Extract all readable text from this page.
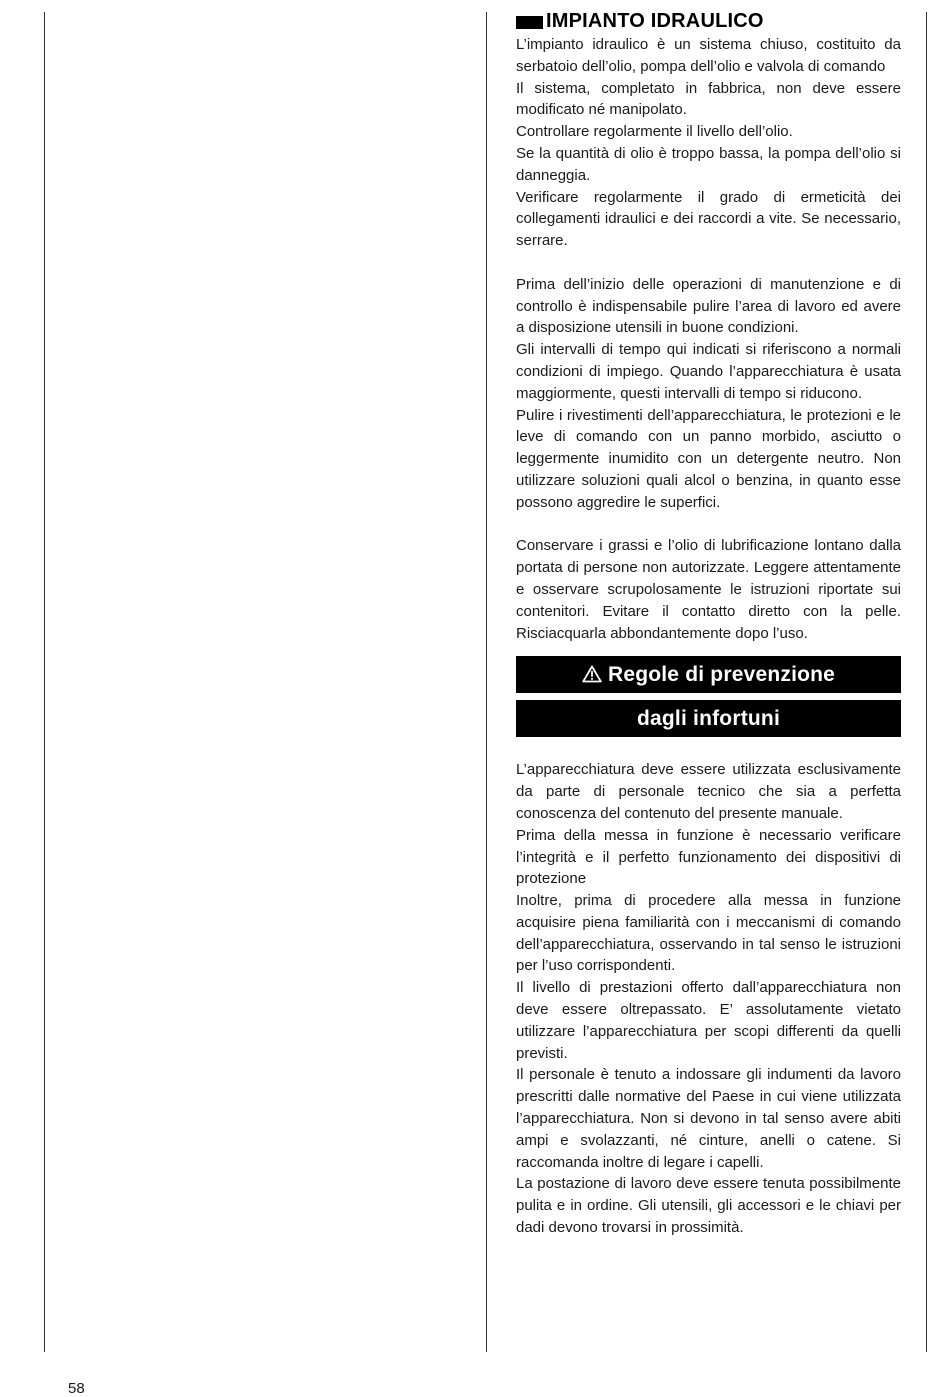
IMPIANTO IDRAULICO

L’impianto idraulico è un sistema chiuso, costituito da serbatoio dell’olio, pompa dell’olio e valvola di comando

Il sistema, completato in fabbrica, non deve essere modificato né manipolato.

Controllare regolarmente il livello dell’olio.

Se la quantità di olio è troppo bassa, la pompa dell’olio si danneggia.

Verificare regolarmente il grado di ermeticità dei collegamenti idraulici e dei raccordi a vite. Se necessario, serrare.

Prima dell’inizio delle operazioni di manutenzione e di controllo è indispensabile pulire l’area di lavoro ed avere a disposizione utensili in buone condizioni.

Gli intervalli di tempo qui indicati si riferiscono a normali condizioni di impiego. Quando l’apparecchiatura è usata maggiormente, questi intervalli di tempo si riducono.

Pulire i rivestimenti dell’apparecchiatura, le protezioni e le leve di comando con un panno morbido, asciutto o leggermente inumidito con un detergente neutro. Non utilizzare soluzioni quali alcol o benzina, in quanto esse possono aggredire le superfici.

Conservare i grassi e l’olio di lubrificazione lontano dalla portata di persone non autorizzate. Leggere attentamente e osservare scrupolosamente le istruzioni riportate sui contenitori. Evitare il contatto diretto con la pelle. Risciacquarla abbondantemente dopo l’uso.

Regole di prevenzione
dagli infortuni

L’apparecchiatura deve essere utilizzata esclusivamente da parte di personale tecnico che sia a perfetta conoscenza del contenuto del presente manuale.

Prima della messa in funzione è necessario verificare l’integrità e il perfetto funzionamento dei dispositivi di protezione

Inoltre, prima di procedere alla messa in funzione acquisire piena familiarità con i meccanismi di comando dell’apparecchiatura, osservando in tal senso le istruzioni per l’uso corrispondenti.

Il livello di prestazioni offerto dall’apparecchiatura non deve essere oltrepassato. E’ assolutamente vietato utilizzare l’apparecchiatura per scopi differenti da quelli previsti.

Il personale è tenuto a indossare gli indumenti da lavoro prescritti dalle normative del Paese in cui viene utilizzata l’apparecchiatura. Non si devono in tal senso avere abiti ampi e svolazzanti, né cinture, anelli o catene. Si raccomanda inoltre di legare i capelli.

La postazione di lavoro deve essere tenuta possibilmente pulita e in ordine. Gli utensili, gli accessori e le chiavi per dadi devono trovarsi in prossimità.

58
